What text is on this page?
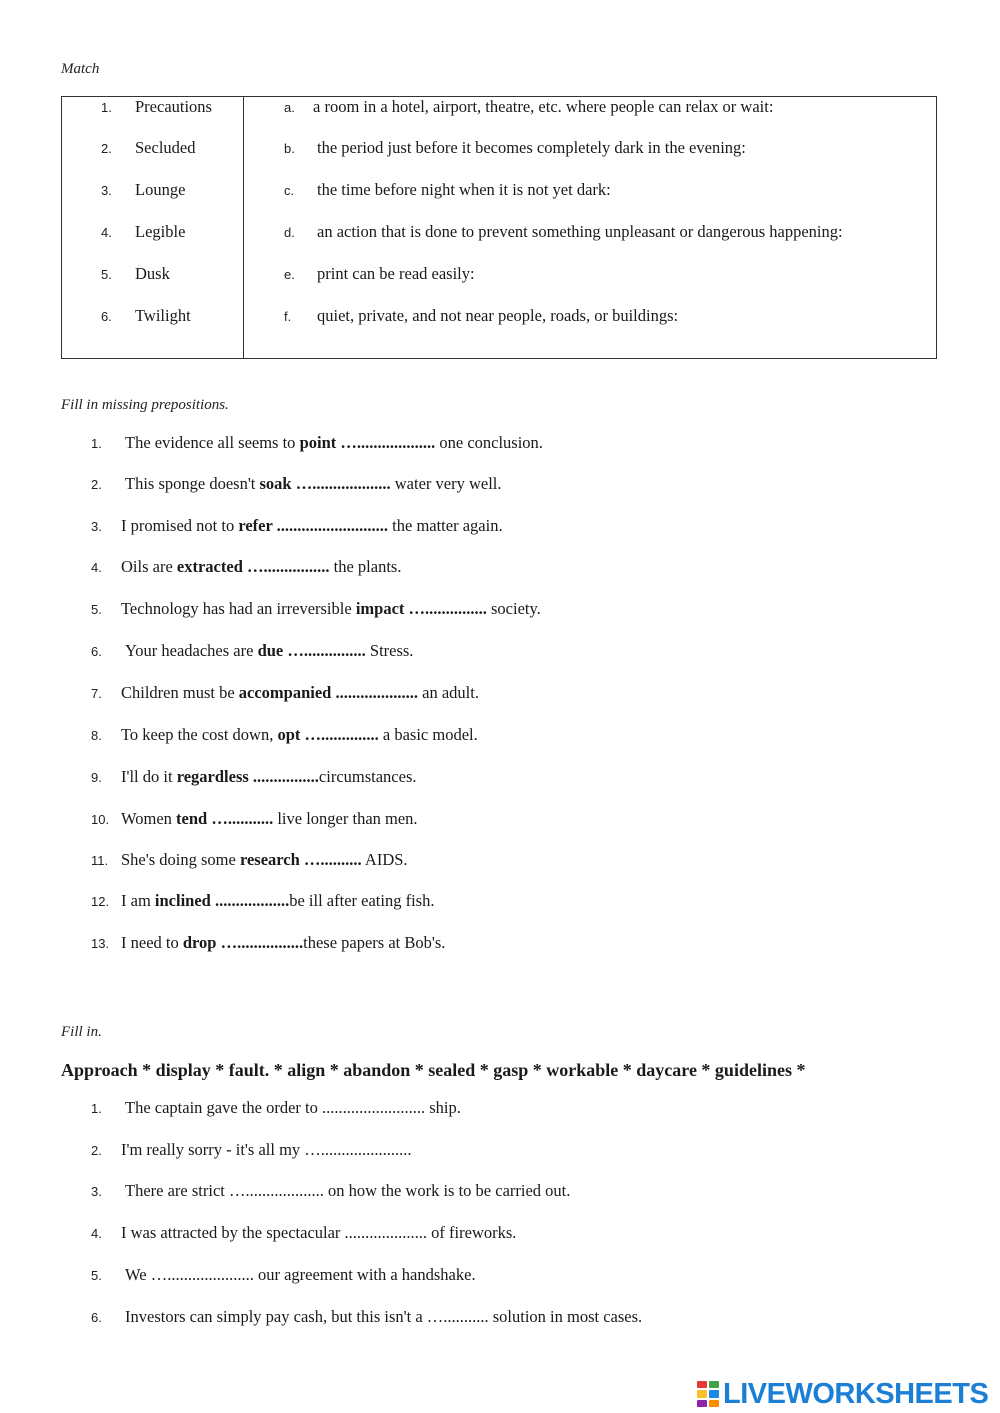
Match
1. Precautions	a. a room in a hotel, airport, theatre, etc. where people can relax or wait:
2. Secluded	b. the period just before it becomes completely dark in the evening:
3. Lounge	c. the time before night when it is not yet dark:
4. Legible	d. an action that is done to prevent something unpleasant or dangerous happening:
5. Dusk	e. print can be read easily:
6. Twilight	f. quiet, private, and not near people, roads, or buildings:
Fill in missing prepositions.
1. The evidence all seems to point …................... one conclusion.
2. This sponge doesn't soak …................... water very well.
3. I promised not to refer ........................... the matter again.
4. Oils are extracted …................ the plants.
5. Technology has had an irreversible impact …............... society.
6. Your headaches are due …............... Stress.
7. Children must be accompanied .................... an adult.
8. To keep the cost down, opt ….............. a basic model.
9. I'll do it regardless ................circumstances.
10. Women tend …........... live longer than men.
11. She's doing some research ….......... AIDS.
12. I am inclined ..................be ill after eating fish.
13. I need to drop …................these papers at Bob's.
Fill in.
Approach * display * fault. * align * abandon * sealed * gasp * workable * daycare * guidelines *
1. The captain gave the order to ......................... ship.
2. I'm really sorry - it's all my …......................
3. There are strict …................... on how the work is to be carried out.
4. I was attracted by the spectacular .................... of fireworks.
5. We …..................... our agreement with a handshake.
6. Investors can simply pay cash, but this isn't a …........... solution in most cases.
LIVEWORKSHEETS
